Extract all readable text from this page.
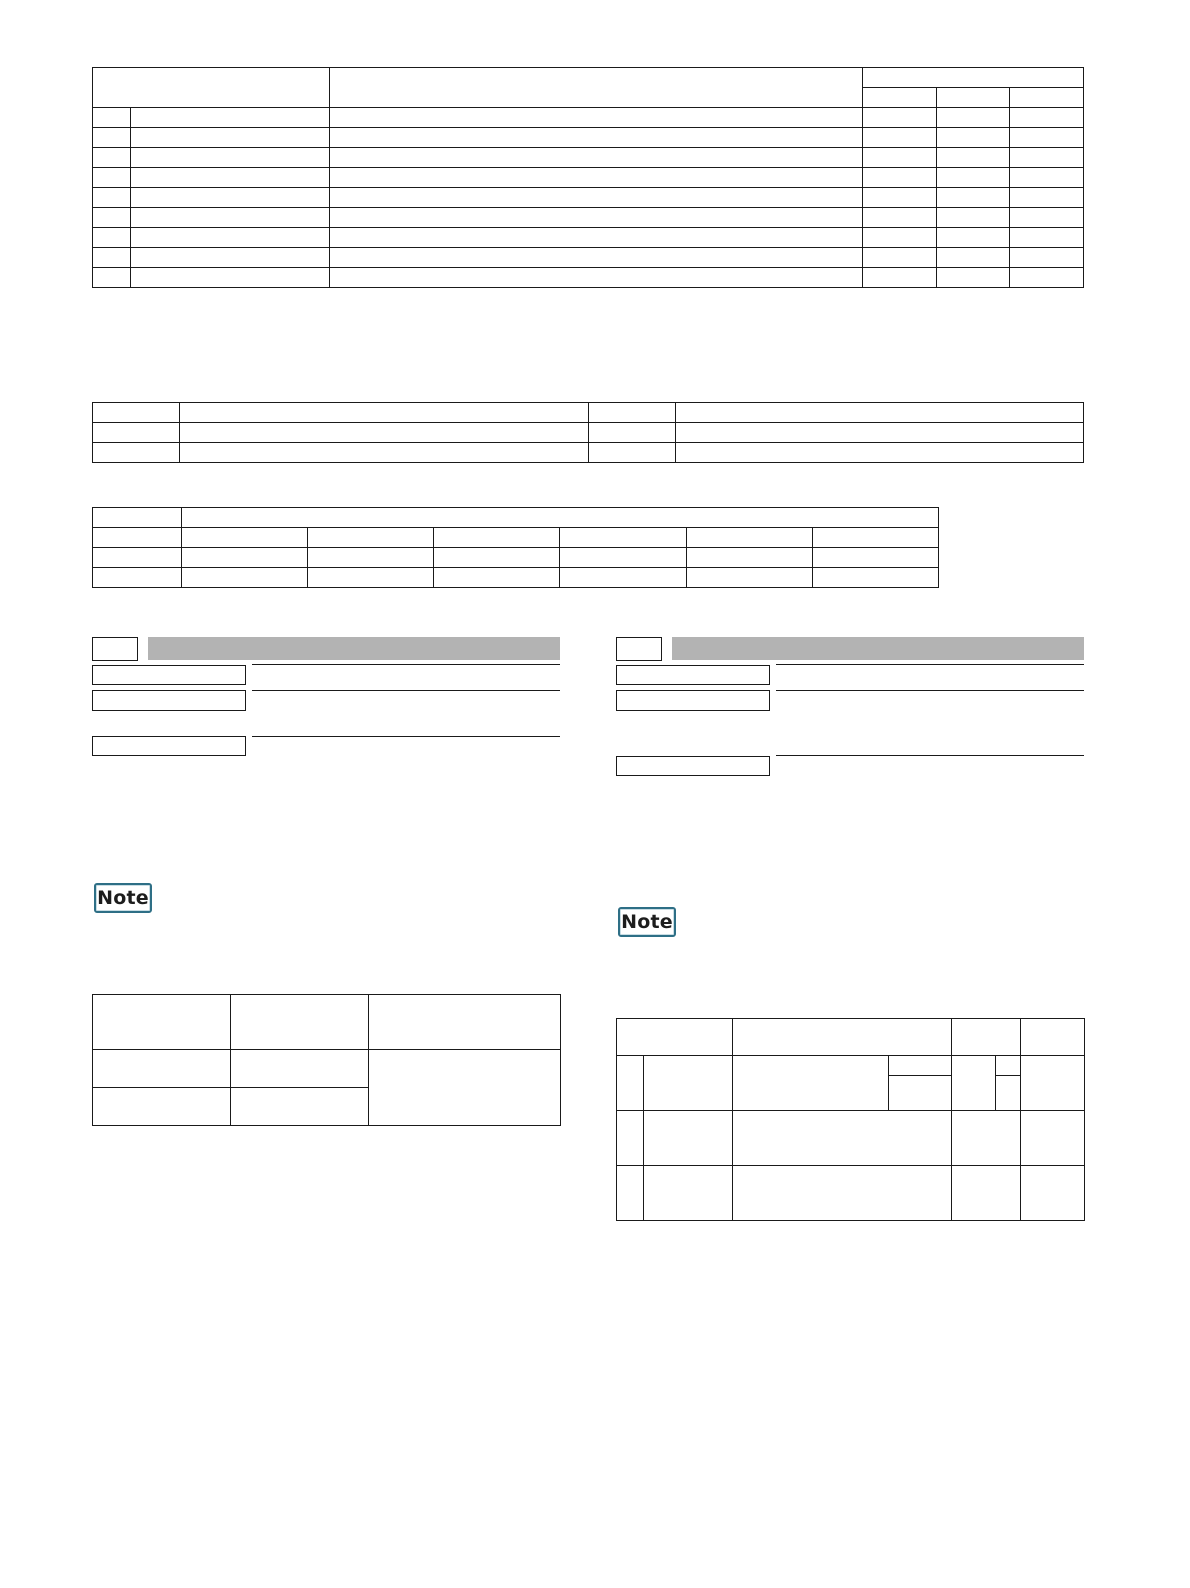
Note

Note
